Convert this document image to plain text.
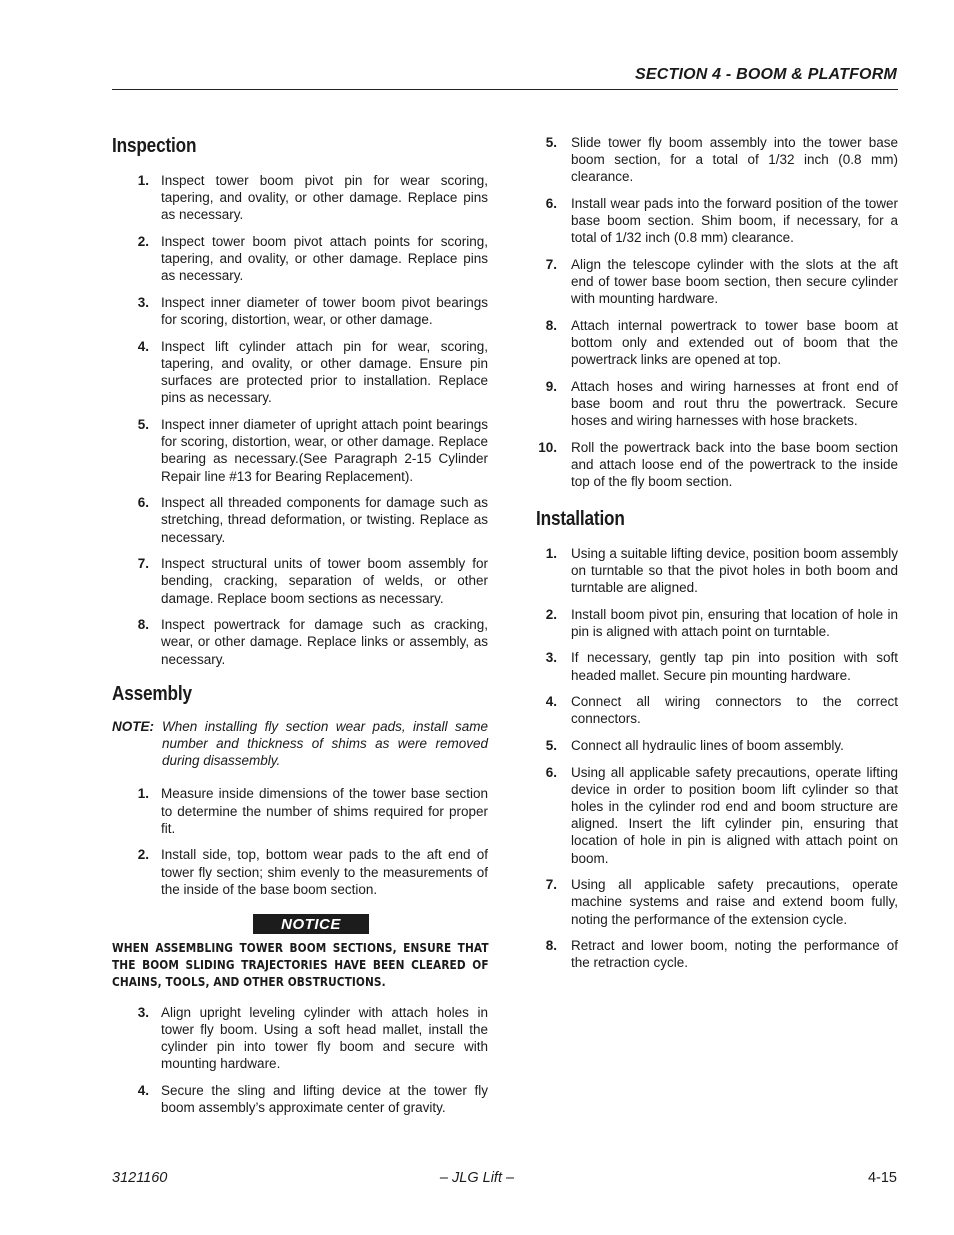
SECTION 4 - BOOM & PLATFORM
Inspection
1. Inspect tower boom pivot pin for wear scoring, tapering, and ovality, or other damage. Replace pins as necessary.
2. Inspect tower boom pivot attach points for scoring, tapering, and ovality, or other damage. Replace pins as necessary.
3. Inspect inner diameter of tower boom pivot bearings for scoring, distortion, wear, or other damage.
4. Inspect lift cylinder attach pin for wear, scoring, tapering, and ovality, or other damage. Ensure pin surfaces are protected prior to installation. Replace pins as necessary.
5. Inspect inner diameter of upright attach point bearings for scoring, distortion, wear, or other damage. Replace bearing as necessary.(See Paragraph 2-15 Cylinder Repair line #13 for Bearing Replacement).
6. Inspect all threaded components for damage such as stretching, thread deformation, or twisting. Replace as necessary.
7. Inspect structural units of tower boom assembly for bending, cracking, separation of welds, or other damage. Replace boom sections as necessary.
8. Inspect powertrack for damage such as cracking, wear, or other damage. Replace links or assembly, as necessary.
Assembly
NOTE: When installing fly section wear pads, install same number and thickness of shims as were removed during disassembly.
1. Measure inside dimensions of the tower base section to determine the number of shims required for proper fit.
2. Install side, top, bottom wear pads to the aft end of tower fly section; shim evenly to the measurements of the inside of the base boom section.
NOTICE
WHEN ASSEMBLING TOWER BOOM SECTIONS, ENSURE THAT THE BOOM SLIDING TRAJECTORIES HAVE BEEN CLEARED OF CHAINS, TOOLS, AND OTHER OBSTRUCTIONS.
3. Align upright leveling cylinder with attach holes in tower fly boom. Using a soft head mallet, install the cylinder pin into tower fly boom and secure with mounting hardware.
4. Secure the sling and lifting device at the tower fly boom assembly’s approximate center of gravity.
5.	Slide tower fly boom assembly into the tower base boom section, for a total of 1/32 inch (0.8 mm) clearance.
6.	Install wear pads into the forward position of the tower base boom section. Shim boom, if necessary, for a total of 1/32 inch (0.8 mm) clearance.
7.	Align the telescope cylinder with the slots at the aft end of tower base boom section, then secure cylinder with mounting hardware.
8.	Attach internal powertrack to tower base boom at bottom only and extended out of boom that the powertrack links are opened at top.
9.	Attach hoses and wiring harnesses at front end of base boom and rout thru the powertrack. Secure hoses and wiring harnesses with hose brackets.
10.	Roll the powertrack back into the base boom section and attach loose end of the powertrack to the inside top of the fly boom section.
Installation
1.	Using a suitable lifting device, position boom assembly on turntable so that the pivot holes in both boom and turntable are aligned.
2.	Install boom pivot pin, ensuring that location of hole in pin is aligned with attach point on turntable.
3.	If necessary, gently tap pin into position with soft headed mallet. Secure pin mounting hardware.
4.	Connect all wiring connectors to the correct connectors.
5.	Connect all hydraulic lines of boom assembly.
6.	Using all applicable safety precautions, operate lifting device in order to position boom lift cylinder so that holes in the cylinder rod end and boom structure are aligned. Insert the lift cylinder pin, ensuring that location of hole in pin is aligned with attach point on boom.
7.	Using all applicable safety precautions, operate machine systems and raise and extend boom fully, noting the performance of the extension cycle.
8.	Retract and lower boom, noting the performance of the retraction cycle.
3121160	– JLG Lift –	4-15
